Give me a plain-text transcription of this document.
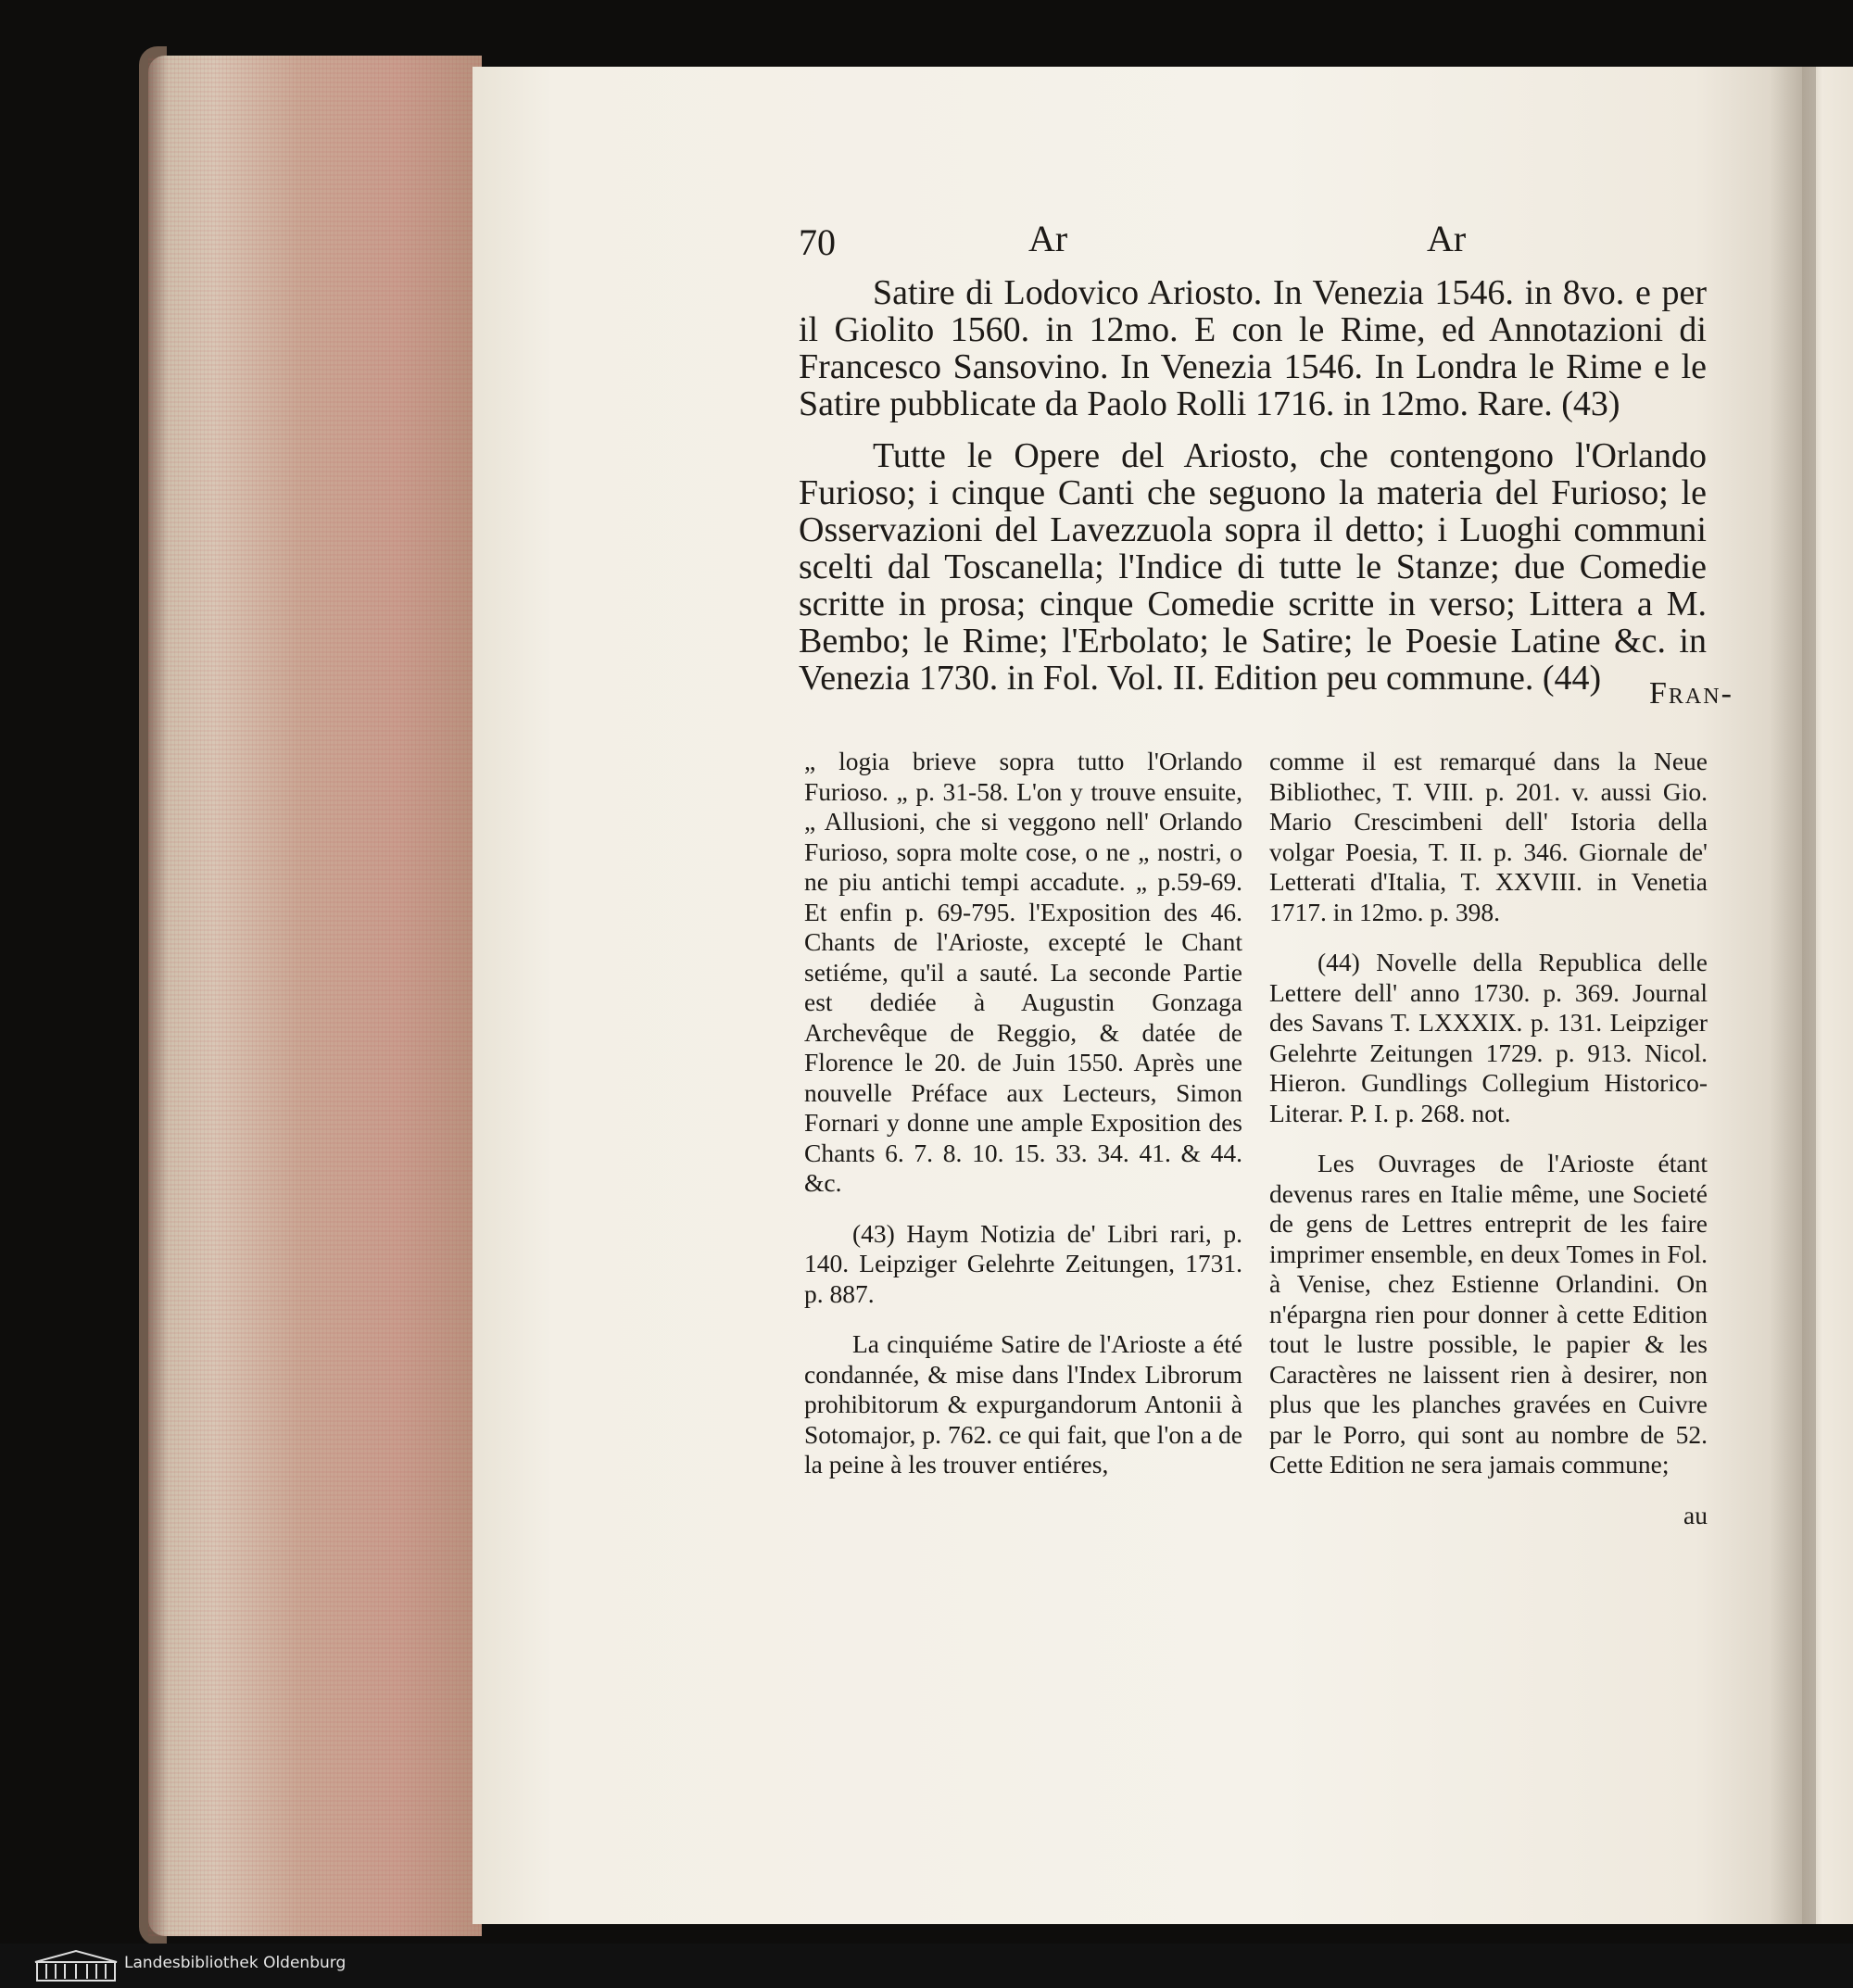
70	Ar	Ar

Satire di Lodovico Ariosto. In Venezia 1546. in 8vo. e per il Giolito 1560. in 12mo. E con le Rime, ed Annotazioni di Francesco Sansovino. In Venezia 1546. In Londra le Rime e le Satire pubblicate da Paolo Rolli 1716. in 12mo. Rare. (43)

Tutte le Opere del Ariosto, che contengono l'Orlando Furioso; i cinque Canti che seguono la materia del Furioso; le Osservazioni del Lavezzuola sopra il detto; i Luoghi communi scelti dal Toscanella; l'Indice di tutte le Stanze; due Comedie scritte in prosa; cinque Comedie scritte in verso; Littera a M. Bembo; le Rime; l'Erbolato; le Satire; le Poesie Latine &c. in Venezia 1730. in Fol. Vol. II. Edition peu commune. (44)	Fran-

„ logia brieve sopra tutto l'Orlando Furioso. „ p. 31-58. L'on y trouve ensuite, „ Allusioni, che si veggono nell' Orlando Furioso, sopra molte cose, o ne „ nostri, o ne piu antichi tempi accadute. „ p.59-69. Et enfin p. 69-795. l'Exposition des 46. Chants de l'Arioste, excepté le Chant setiéme, qu'il a sauté. La seconde Partie est dediée à Augustin Gonzaga Archevêque de Reggio, & datée de Florence le 20. de Juin 1550. Après une nouvelle Préface aux Lecteurs, Simon Fornari y donne une ample Exposition des Chants 6. 7. 8. 10. 15. 33. 34. 41. & 44. &c.

(43) Haym Notizia de' Libri rari, p. 140. Leipziger Gelehrte Zeitungen, 1731. p. 887.

La cinquiéme Satire de l'Arioste a été condannée, & mise dans l'Index Librorum prohibitorum & expurgandorum Antonii à Sotomajor, p. 762. ce qui fait, que l'on a de la peine à les trouver entiéres,

comme il est remarqué dans la Neue Bibliothec, T. VIII. p. 201. v. aussi Gio. Mario Crescimbeni dell' Istoria della volgar Poesia, T. II. p. 346. Giornale de' Letterati d'Italia, T. XXVIII. in Venetia 1717. in 12mo. p. 398.

(44) Novelle della Republica delle Lettere dell' anno 1730. p. 369. Journal des Savans T. LXXXIX. p. 131. Leipziger Gelehrte Zeitungen 1729. p. 913. Nicol. Hieron. Gundlings Collegium Historico-Literar. P. I. p. 268. not.

Les Ouvrages de l'Arioste étant devenus rares en Italie même, une Societé de gens de Lettres entreprit de les faire imprimer ensemble, en deux Tomes in Fol. à Venise, chez Estienne Orlandini. On n'épargna rien pour donner à cette Edition tout le lustre possible, le papier & les Caractères ne laissent rien à desirer, non plus que les planches gravées en Cuivre par le Porro, qui sont au nombre de 52. Cette Edition ne sera jamais commune;

au

Landesbibliothek Oldenburg
